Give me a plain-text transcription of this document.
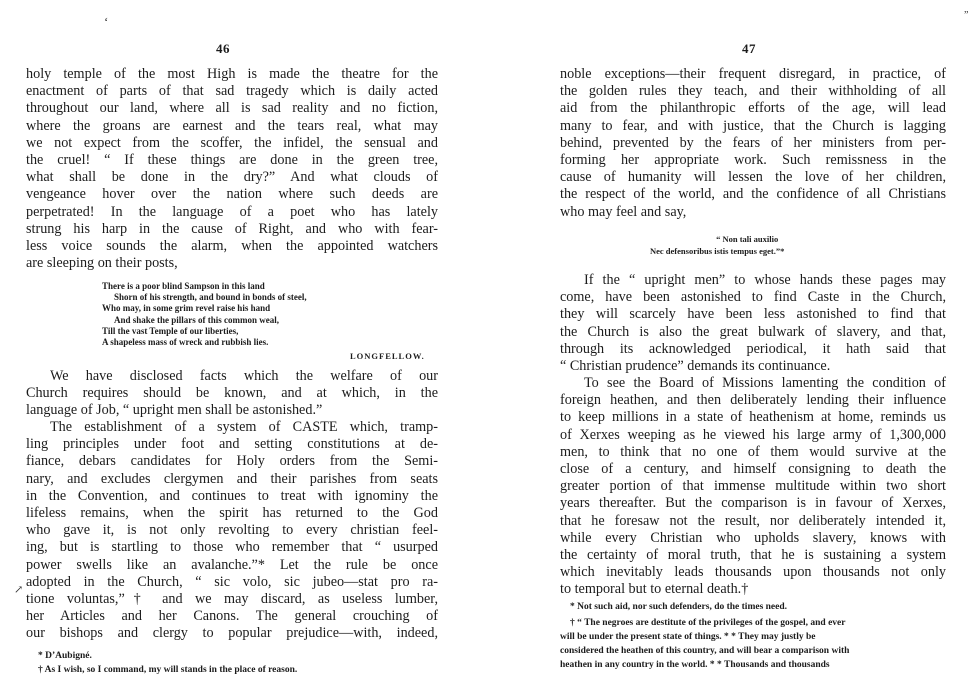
‘
46
holy temple of the most High is made the theatre for the
enactment of parts of that sad tragedy which is daily acted
throughout our land, where all is sad reality and no fiction,
where the groans are earnest and the tears real, what may
we not expect from the scoffer, the infidel, the sensual and
the cruel! “ If these things are done in the green tree,
what shall be done in the dry?” And what clouds of
vengeance hover over the nation where such deeds are
perpetrated! In the language of a poet who has lately
strung his harp in the cause of Right, and who with fear-
less voice sounds the alarm, when the appointed watchers
are sleeping on their posts,
There is a poor blind Sampson in this land
Shorn of his strength, and bound in bonds of steel,
Who may, in some grim revel raise his hand
And shake the pillars of this common weal,
Till the vast Temple of our liberties,
A shapeless mass of wreck and rubbish lies.
LONGFELLOW.
We have disclosed facts which the welfare of our
Church requires should be known, and at which, in the
language of Job, “ upright men shall be astonished.”
The establishment of a system of CASTE which, tramp-
ling principles under foot and setting constitutions at de-
fiance, debars candidates for Holy orders from the Semi-
nary, and excludes clergymen and their parishes from seats
in the Convention, and continues to treat with ignominy the
lifeless remains, when the spirit has returned to the God
who gave it, is not only revolting to every christian feel-
ing, but is startling to those who remember that “ usurped
power swells like an avalanche.”* Let the rule be once
adopted in the Church, “ sic volo, sic jubeo—stat pro ra-
tione voluntas,”† and we may discard, as useless lumber,
her Articles and her Canons. The general crouching of
our bishops and clergy to popular prejudice—with, indeed,
↗
* D’Aubigné.
† As I wish, so I command, my will stands in the place of reason.
„
47
noble exceptions—their frequent disregard, in practice, of
the golden rules they teach, and their withholding of all
aid from the philanthropic efforts of the age, will lead
many to fear, and with justice, that the Church is lagging
behind, prevented by the fears of her ministers from per-
forming her appropriate work. Such remissness in the
cause of humanity will lessen the love of her children,
the respect of the world, and the confidence of all Christians
who may feel and say,
“ Non tali auxilio
Nec defensoribus istis tempus eget.”*
If the “ upright men” to whose hands these pages may
come, have been astonished to find Caste in the Church,
they will scarcely have been less astonished to find that
the Church is also the great bulwark of slavery, and that,
through its acknowledged periodical, it hath said that
“ Christian prudence” demands its continuance.
To see the Board of Missions lamenting the condition of
foreign heathen, and then deliberately lending their influence
to keep millions in a state of heathenism at home, reminds us
of Xerxes weeping as he viewed his large army of 1,300,000
men, to think that no one of them would survive at the
close of a century, and himself consigning to death the
greater portion of that immense multitude within two short
years thereafter. But the comparison is in favour of Xerxes,
that he foresaw not the result, nor deliberately intended it,
while every Christian who upholds slavery, knows with
the certainty of moral truth, that he is sustaining a system
which inevitably leads thousands upon thousands not only
to temporal but to eternal death.†
* Not such aid, nor such defenders, do the times need.
† “ The negroes are destitute of the privileges of the gospel, and ever
will be under the present state of things. * * They may justly be
considered the heathen of this country, and will bear a comparison with
heathen in any country in the world. * * Thousands and thousands
